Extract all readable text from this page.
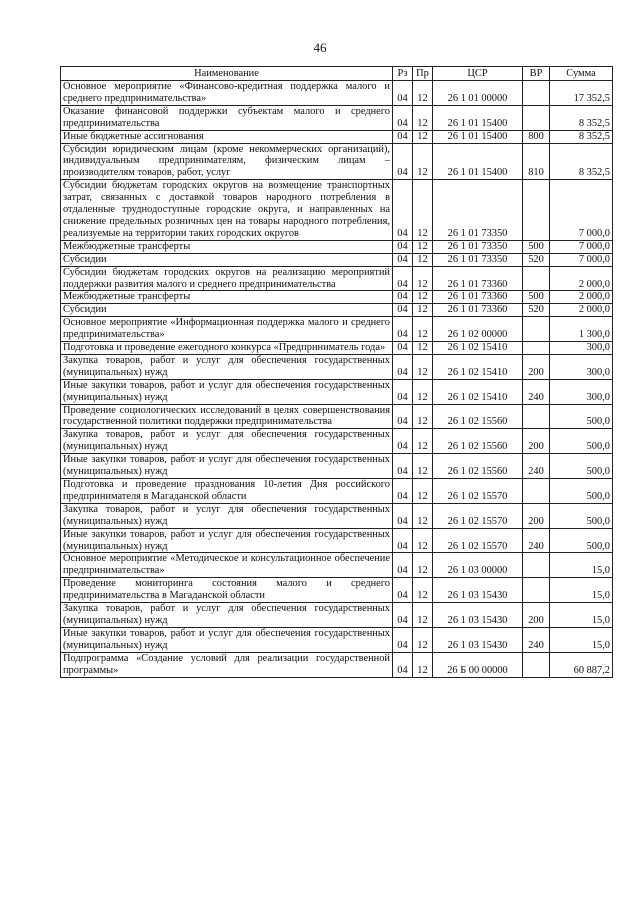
46
Наименование	Рз	Пр	ЦСР	ВР	Сумма
Основное мероприятие «Финансово-кредитная поддержка малого и среднего предпринимательства»	04	12	26 1 01 00000		17 352,5
Оказание финансовой поддержки субъектам малого и среднего предпринимательства	04	12	26 1 01 15400		8 352,5
Иные бюджетные ассигнования	04	12	26 1 01 15400	800	8 352,5
Субсидии юридическим лицам (кроме некоммерческих организаций), индивидуальным предпринимателям, физическим лицам – производителям товаров, работ, услуг	04	12	26 1 01 15400	810	8 352,5
Субсидии бюджетам городских округов на возмещение транспортных затрат, связанных с доставкой товаров народного потребления в отдаленные труднодоступные городские округа, и направленных на снижение предельных розничных цен на товары народного потребления, реализуемые на территории таких городских округов	04	12	26 1 01 73350		7 000,0
Межбюджетные трансферты	04	12	26 1 01 73350	500	7 000,0
Субсидии	04	12	26 1 01 73350	520	7 000,0
Субсидии бюджетам городских округов на реализацию мероприятий поддержки развития малого и среднего предпринимательства	04	12	26 1 01 73360		2 000,0
Межбюджетные трансферты	04	12	26 1 01 73360	500	2 000,0
Субсидии	04	12	26 1 01 73360	520	2 000,0
Основное мероприятие «Информационная поддержка малого и среднего предпринимательства»	04	12	26 1 02 00000		1 300,0
Подготовка и проведение ежегодного конкурса «Предприниматель года»	04	12	26 1 02 15410		300,0
Закупка товаров, работ и услуг для обеспечения государственных (муниципальных) нужд	04	12	26 1 02 15410	200	300,0
Иные закупки товаров, работ и услуг для обеспечения государственных (муниципальных) нужд	04	12	26 1 02 15410	240	300,0
Проведение социологических исследований в целях совершенствования государственной политики поддержки предпринимательства	04	12	26 1 02 15560		500,0
Закупка товаров, работ и услуг для обеспечения государственных (муниципальных) нужд	04	12	26 1 02 15560	200	500,0
Иные закупки товаров, работ и услуг для обеспечения государственных (муниципальных) нужд	04	12	26 1 02 15560	240	500,0
Подготовка и проведение празднования 10-летия Дня российского предпринимателя в Магаданской области	04	12	26 1 02 15570		500,0
Закупка товаров, работ и услуг для обеспечения государственных (муниципальных) нужд	04	12	26 1 02 15570	200	500,0
Иные закупки товаров, работ и услуг для обеспечения государственных (муниципальных) нужд	04	12	26 1 02 15570	240	500,0
Основное мероприятие «Методическое и консультационное обеспечение предпринимательства»	04	12	26 1 03 00000		15,0
Проведение мониторинга состояния малого и среднего предпринимательства в Магаданской области	04	12	26 1 03 15430		15,0
Закупка товаров, работ и услуг для обеспечения государственных (муниципальных) нужд	04	12	26 1 03 15430	200	15,0
Иные закупки товаров, работ и услуг для обеспечения государственных (муниципальных) нужд	04	12	26 1 03 15430	240	15,0
Подпрограмма «Создание условий для реализации государственной программы»	04	12	26 Б 00 00000		60 887,2
